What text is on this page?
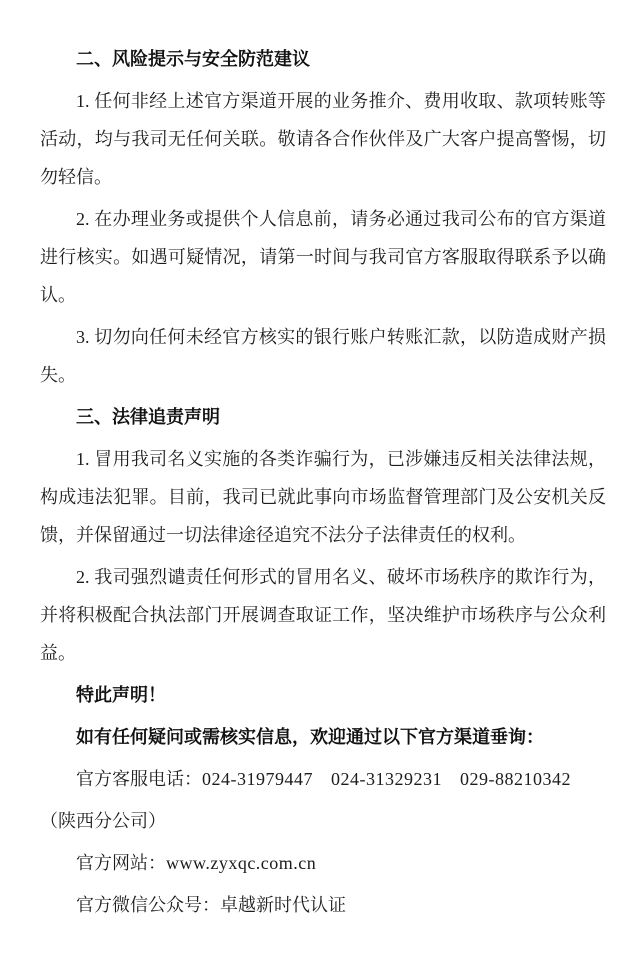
二、风险提示与安全防范建议

1. 任何非经上述官方渠道开展的业务推介、费用收取、款项转账等活动，均与我司无任何关联。敬请各合作伙伴及广大客户提高警惕，切勿轻信。

2. 在办理业务或提供个人信息前，请务必通过我司公布的官方渠道进行核实。如遇可疑情况，请第一时间与我司官方客服取得联系予以确认。

3. 切勿向任何未经官方核实的银行账户转账汇款，以防造成财产损失。

三、法律追责声明

1. 冒用我司名义实施的各类诈骗行为，已涉嫌违反相关法律法规，构成违法犯罪。目前，我司已就此事向市场监督管理部门及公安机关反馈，并保留通过一切法律途径追究不法分子法律责任的权利。

2. 我司强烈谴责任何形式的冒用名义、破坏市场秩序的欺诈行为，并将积极配合执法部门开展调查取证工作，坚决维护市场秩序与公众利益。

特此声明！

如有任何疑问或需核实信息，欢迎通过以下官方渠道垂询：

官方客服电话：024-31979447 024-31329231 029-88210342

（陕西分公司）

官方网站：www.zyxqc.com.cn

官方微信公众号：卓越新时代认证
